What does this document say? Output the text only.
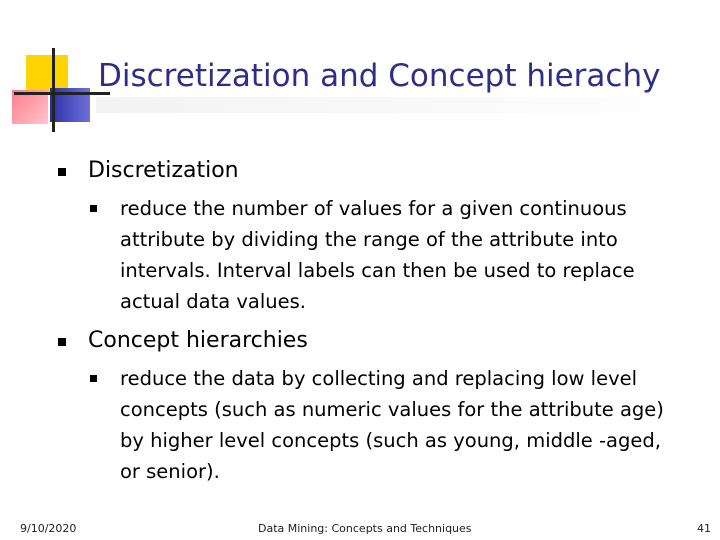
Discretization and Concept hierachy
Discretization
reduce the number of values for a given continuous attribute by dividing the range of the attribute into intervals. Interval labels can then be used to replace actual data values.
Concept hierarchies
reduce the data by collecting and replacing low level concepts (such as numeric values for the attribute age) by higher level concepts (such as young, middle -aged, or senior).
9/10/2020	Data Mining: Concepts and Techniques	41
